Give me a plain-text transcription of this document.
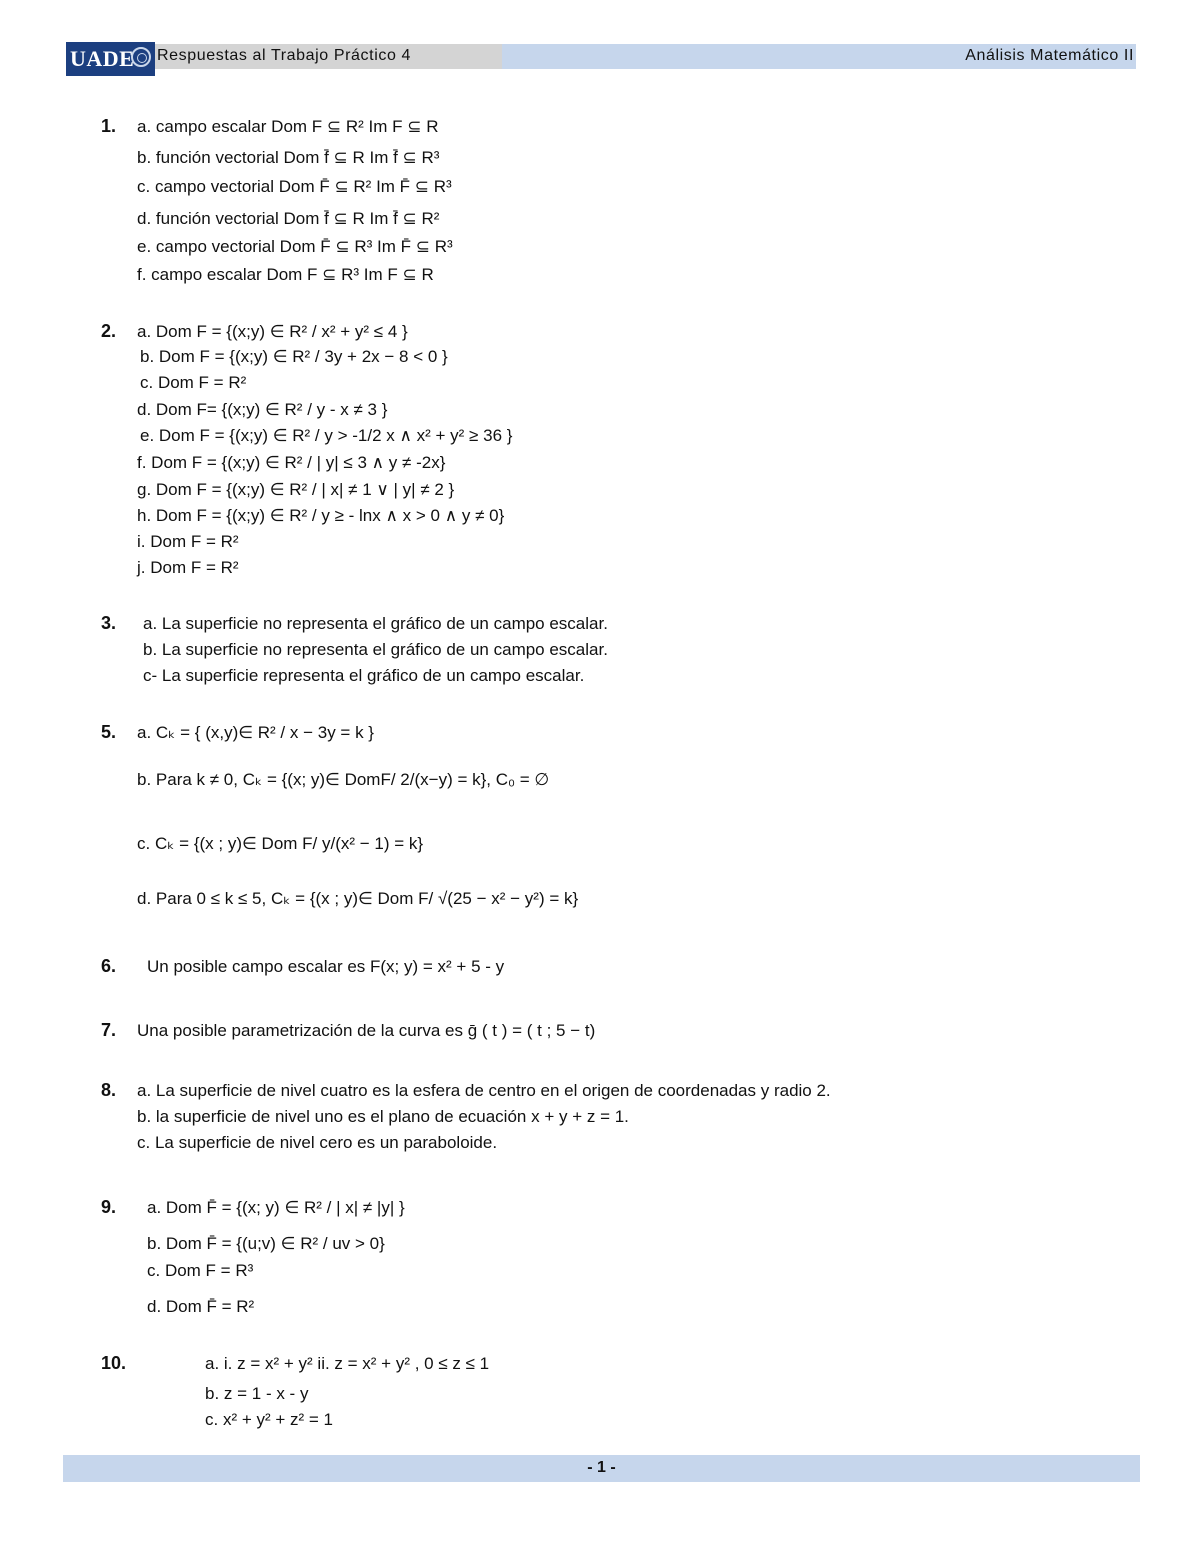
UADE Respuestas al Trabajo Práctico 4	Análisis Matemático II
1. a. campo escalar Dom F ⊆ R² Im F ⊆ R
b. función vectorial Dom f̄ ⊆ R Im f̄ ⊆ R³
c. campo vectorial Dom F̄ ⊆ R² Im F̄ ⊆ R³
d. función vectorial Dom f̄ ⊆ R Im f̄ ⊆ R²
e. campo vectorial Dom F̄ ⊆ R³ Im F̄ ⊆ R³
f. campo escalar Dom F ⊆ R³ Im F ⊆ R
2. a. Dom F = {(x;y) ∈ R² / x² + y² ≤ 4 }
b. Dom F = {(x;y) ∈ R² / 3y + 2x − 8 < 0 }
c. Dom F = R²
d. Dom F= {(x;y) ∈ R² / y - x ≠ 3 }
e. Dom F = {(x;y) ∈ R² / y > -1/2 x ∧ x² + y² ≥ 36 }
f. Dom F = {(x;y) ∈ R² / | y| ≤ 3 ∧ y ≠ -2x}
g. Dom F = {(x;y) ∈ R² / | x| ≠ 1 ∨ | y| ≠ 2 }
h. Dom F = {(x;y) ∈ R² / y ≥ - lnx ∧ x > 0 ∧ y ≠ 0}
i. Dom F = R²
j. Dom F = R²
3. a. La superficie no representa el gráfico de un campo escalar.
b. La superficie no representa el gráfico de un campo escalar.
c- La superficie representa el gráfico de un campo escalar.
5. a. Cₖ = { (x,y)∈ R² / x − 3y = k }
b. Para k ≠ 0, Cₖ = {(x; y)∈ DomF/ 2/(x−y) = k}, C₀ = ∅
c. Cₖ = {(x ; y)∈ Dom F/ y/(x² − 1) = k}
d. Para 0 ≤ k ≤ 5, Cₖ = {(x ; y)∈ Dom F/ √(25 − x² − y²) = k}
6. Un posible campo escalar es F(x; y) = x² + 5 - y
7. Una posible parametrización de la curva es ḡ ( t ) = ( t ; 5 − t)
8. a. La superficie de nivel cuatro es la esfera de centro en el origen de coordenadas y radio 2.
b. la superficie de nivel uno es el plano de ecuación x + y + z = 1.
c. La superficie de nivel cero es un paraboloide.
9. a. Dom F̄ = {(x; y) ∈ R² / | x| ≠ |y| }
b. Dom F̄ = {(u;v) ∈ R² / uv > 0}
c. Dom F = R³
d. Dom F̄ = R²
10.	a. i. z = x² + y² ii. z = x² + y² , 0 ≤ z ≤ 1
b. z = 1 - x - y
c. x² + y² + z² = 1
- 1 -
